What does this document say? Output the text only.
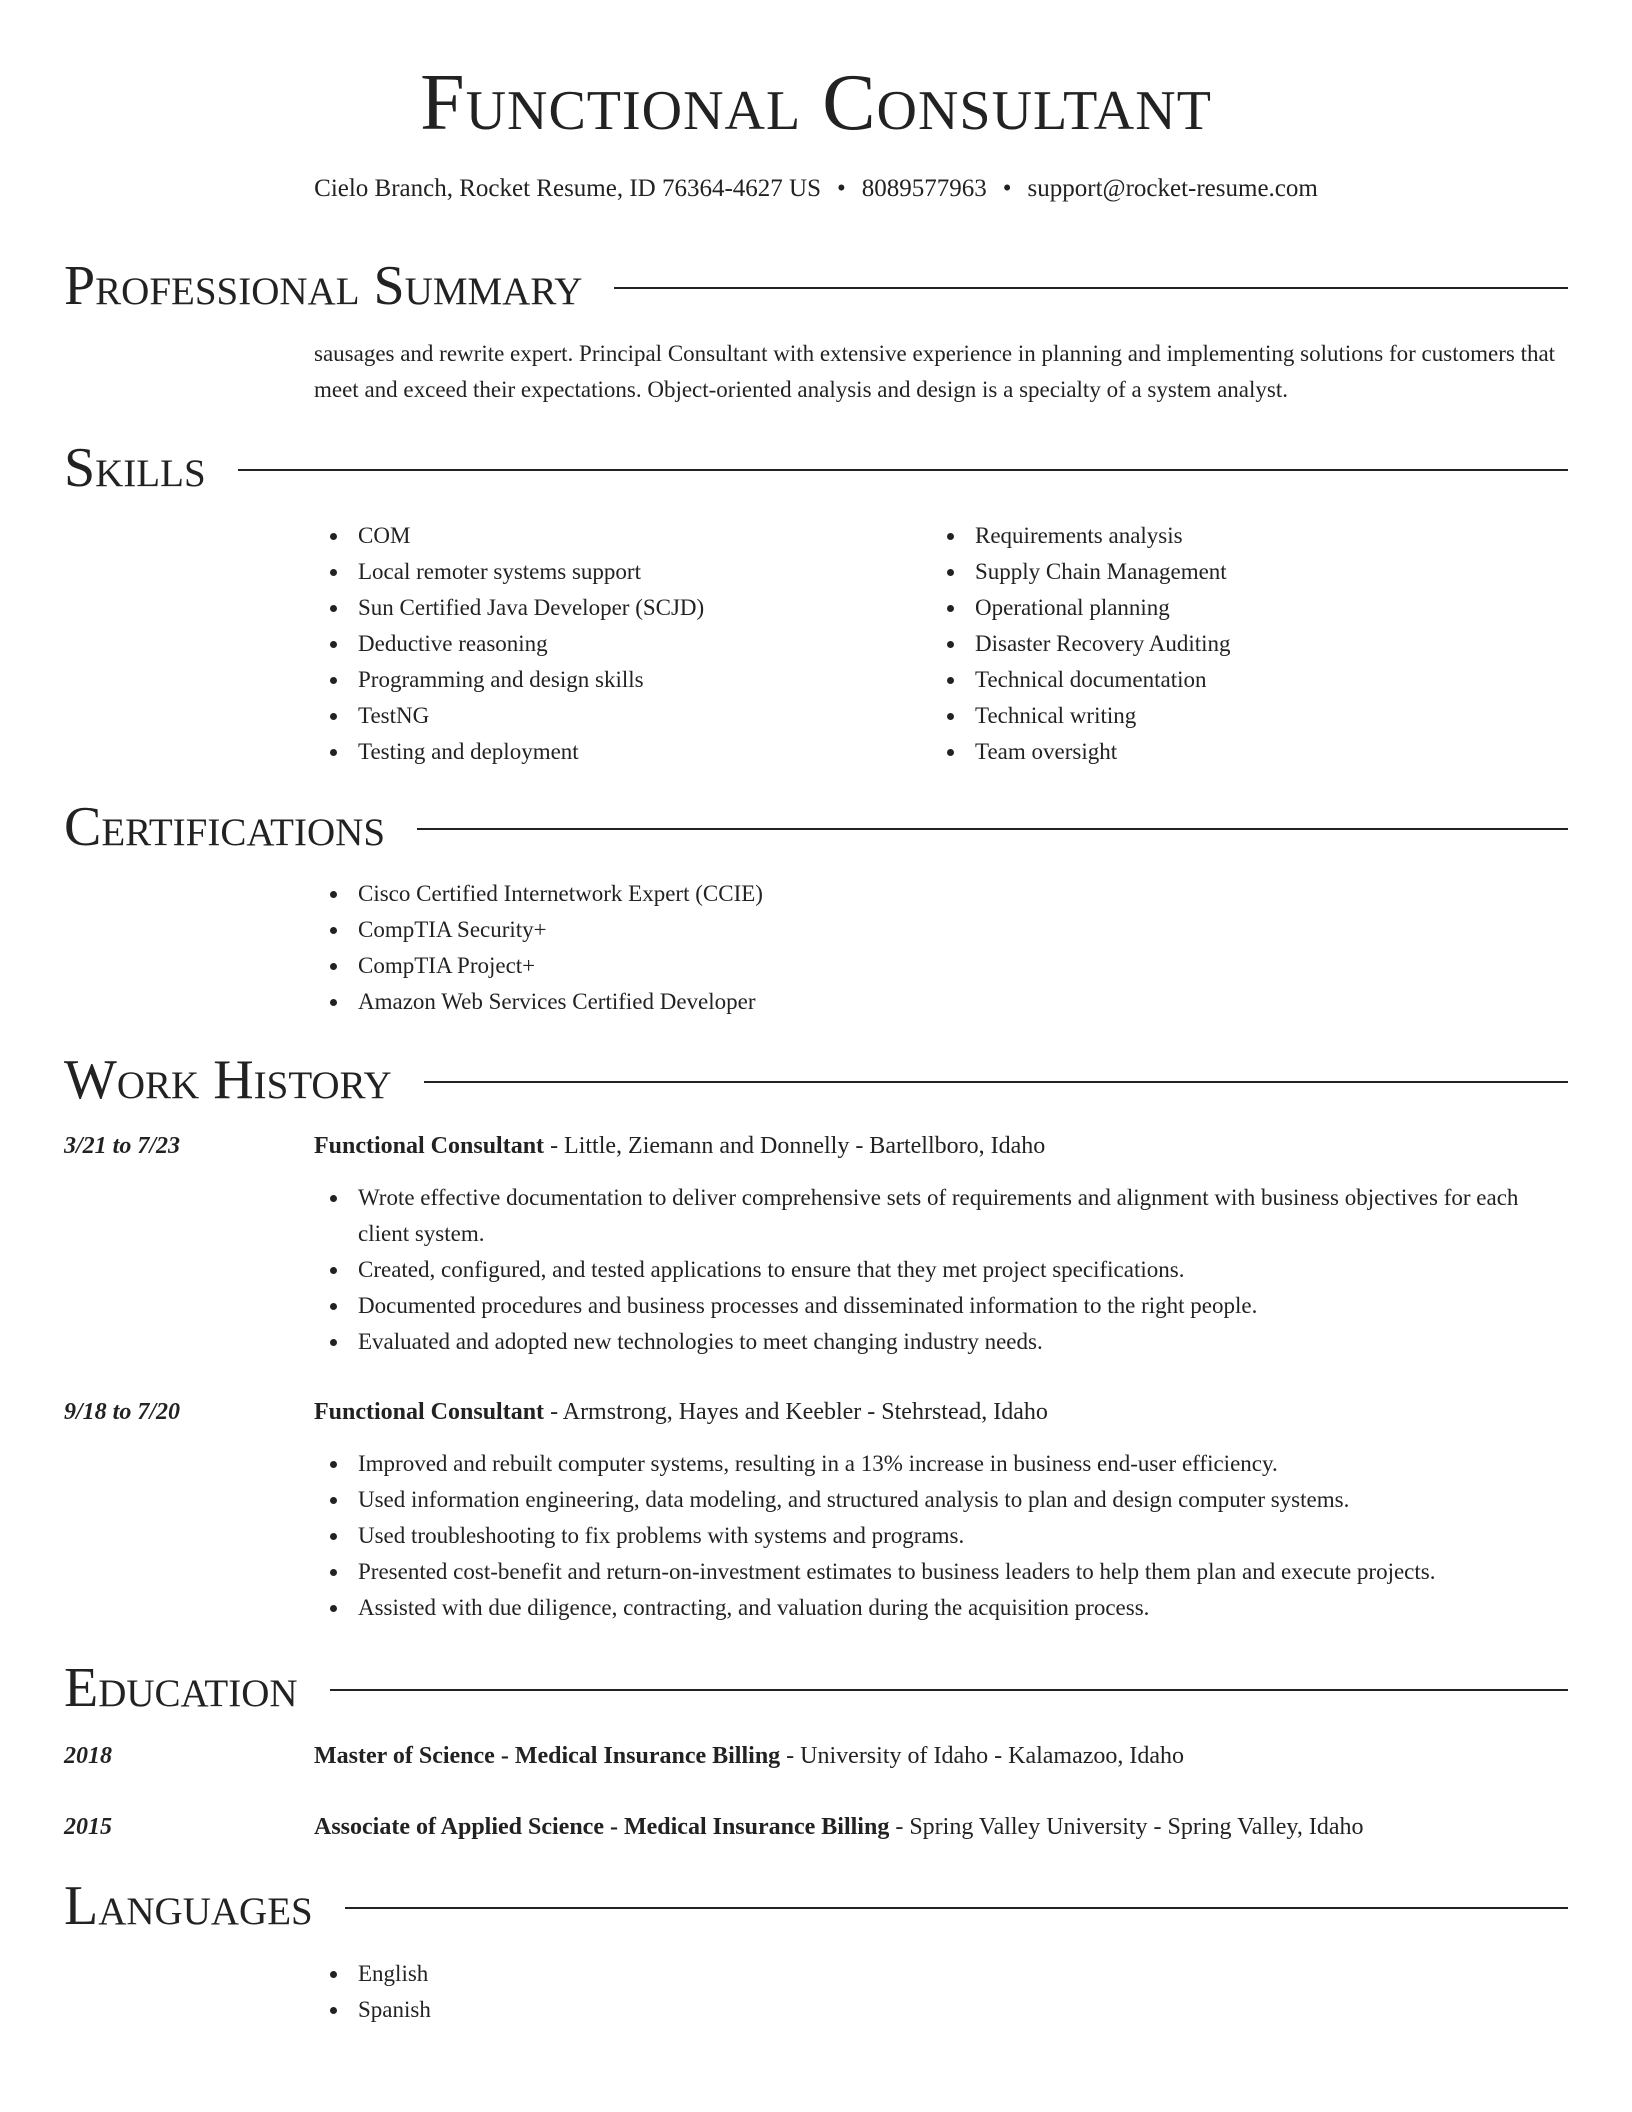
Functional Consultant
Cielo Branch, Rocket Resume, ID 76364-4627 US • 8089577963 • support@rocket-resume.com
Professional Summary
sausages and rewrite expert. Principal Consultant with extensive experience in planning and implementing solutions for customers that meet and exceed their expectations. Object-oriented analysis and design is a specialty of a system analyst.
Skills
COM
Local remoter systems support
Sun Certified Java Developer (SCJD)
Deductive reasoning
Programming and design skills
TestNG
Testing and deployment
Requirements analysis
Supply Chain Management
Operational planning
Disaster Recovery Auditing
Technical documentation
Technical writing
Team oversight
Certifications
Cisco Certified Internetwork Expert (CCIE)
CompTIA Security+
CompTIA Project+
Amazon Web Services Certified Developer
Work History
3/21 to 7/23	Functional Consultant - Little, Ziemann and Donnelly - Bartellboro, Idaho
Wrote effective documentation to deliver comprehensive sets of requirements and alignment with business objectives for each client system.
Created, configured, and tested applications to ensure that they met project specifications.
Documented procedures and business processes and disseminated information to the right people.
Evaluated and adopted new technologies to meet changing industry needs.
9/18 to 7/20	Functional Consultant - Armstrong, Hayes and Keebler - Stehrstead, Idaho
Improved and rebuilt computer systems, resulting in a 13% increase in business end-user efficiency.
Used information engineering, data modeling, and structured analysis to plan and design computer systems.
Used troubleshooting to fix problems with systems and programs.
Presented cost-benefit and return-on-investment estimates to business leaders to help them plan and execute projects.
Assisted with due diligence, contracting, and valuation during the acquisition process.
Education
2018	Master of Science - Medical Insurance Billing - University of Idaho - Kalamazoo, Idaho
2015	Associate of Applied Science - Medical Insurance Billing - Spring Valley University - Spring Valley, Idaho
Languages
English
Spanish
